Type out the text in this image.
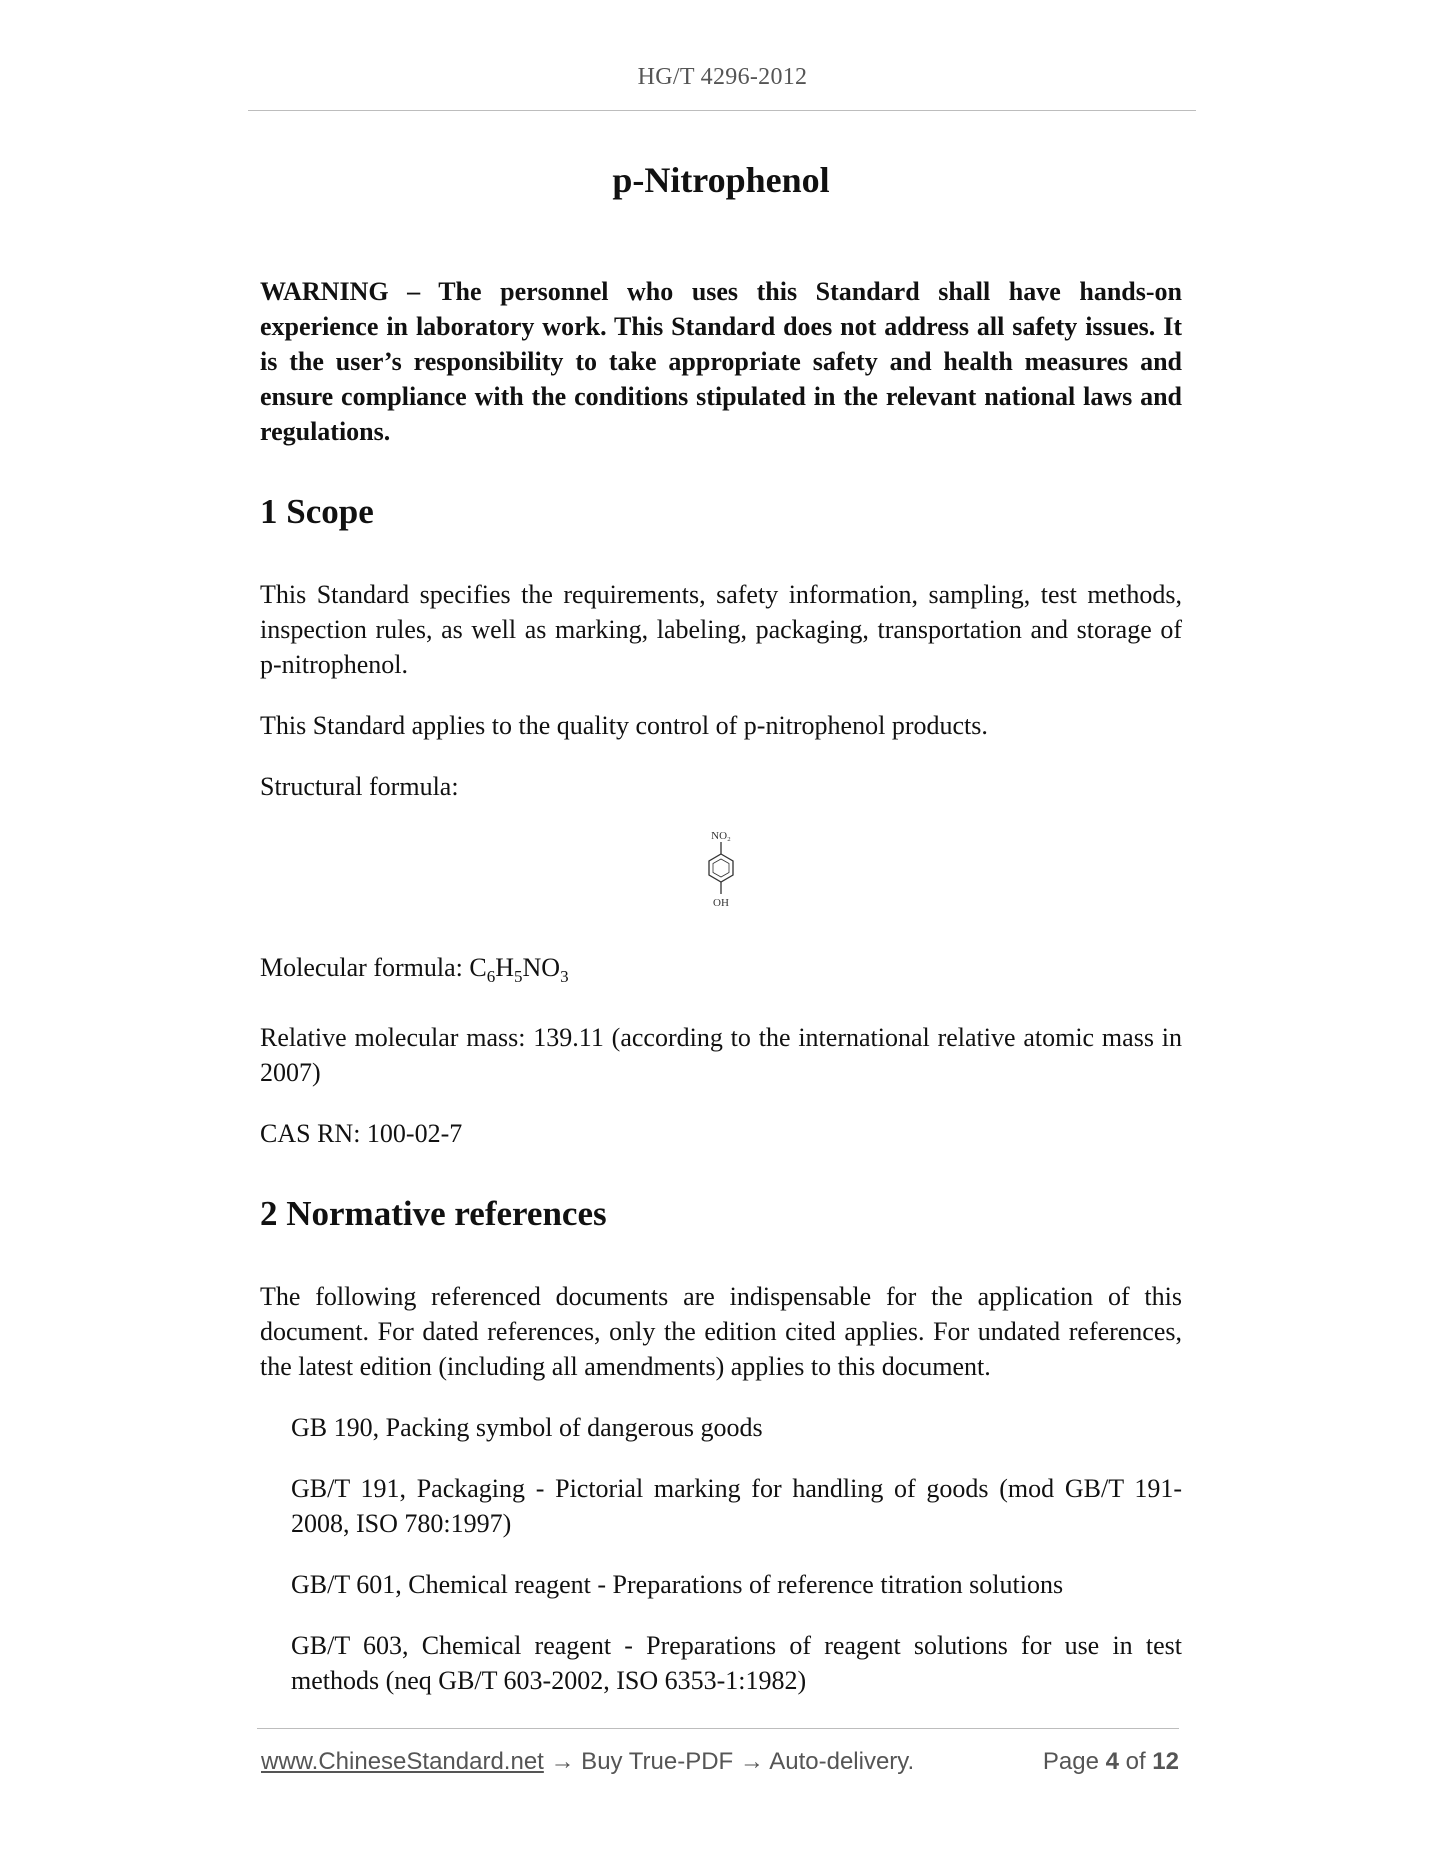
HG/T 4296-2012
p-Nitrophenol
WARNING – The personnel who uses this Standard shall have hands-on experience in laboratory work. This Standard does not address all safety issues. It is the user’s responsibility to take appropriate safety and health measures and ensure compliance with the conditions stipulated in the relevant national laws and regulations.
1 Scope

This Standard specifies the requirements, safety information, sampling, test methods, inspection rules, as well as marking, labeling, packaging, transportation and storage of p-nitrophenol.

This Standard applies to the quality control of p-nitrophenol products.

Structural formula:

NO₂
OH

Molecular formula: $C_6H_5NO_3$

Relative molecular mass: 139.11 (according to the international relative atomic mass in 2007)

CAS RN: 100-02-7

2 Normative references

The following referenced documents are indispensable for the application of this document. For dated references, only the edition cited applies. For undated references, the latest edition (including all amendments) applies to this document.

GB 190, Packing symbol of dangerous goods
GB/T 191, Packaging - Pictorial marking for handling of goods (mod GB/T 191-2008, ISO 780:1997)
GB/T 601, Chemical reagent - Preparations of reference titration solutions
GB/T 603, Chemical reagent - Preparations of reagent solutions for use in test methods (neq GB/T 603-2002, ISO 6353-1:1982)
www.ChineseStandard.net → Buy True-PDF → Auto-delivery.	Page 4 of 12
